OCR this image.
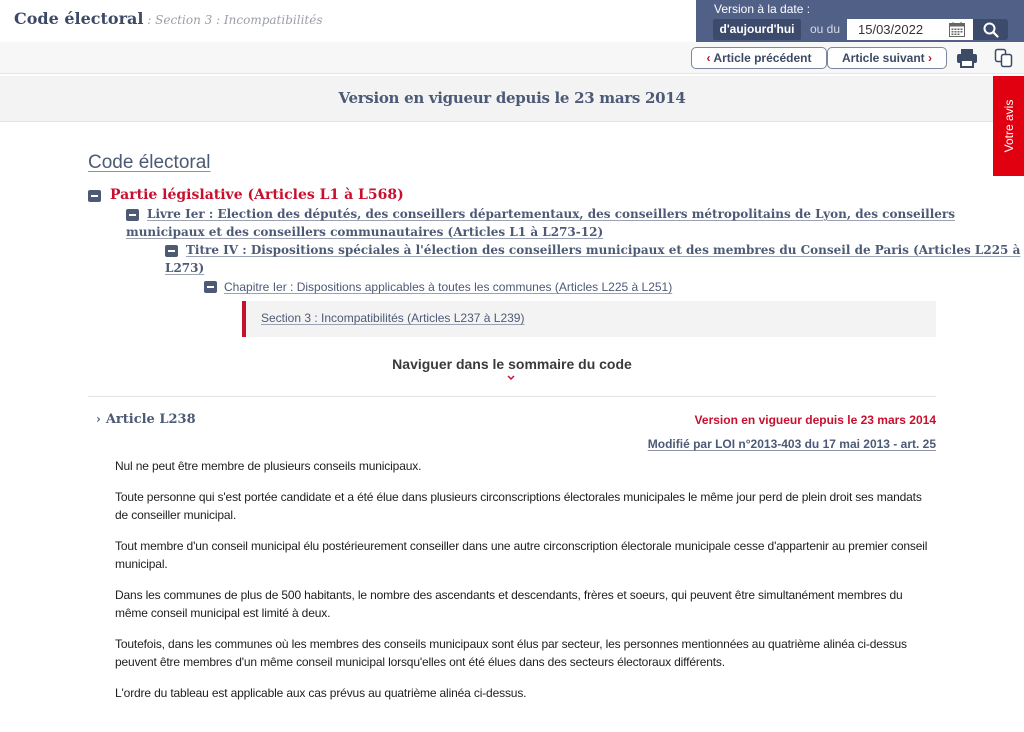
Code électoral : Section 3 : Incompatibilités
Version à la date :
d'aujourd'hui	ou du
15/03/2022
‹ Article précédent	Article suivant ›
Version en vigueur depuis le 23 mars 2014
Votre avis
Code électoral
Partie législative (Articles L1 à L568)
Livre Ier : Election des députés, des conseillers départementaux, des conseillers métropolitains de Lyon, des conseillers
municipaux et des conseillers communautaires (Articles L1 à L273-12)
Titre IV : Dispositions spéciales à l'élection des conseillers municipaux et des membres du Conseil de Paris (Articles L225 à
L273)
Chapitre Ier : Dispositions applicables à toutes les communes (Articles L225 à L251)
Section 3 : Incompatibilités (Articles L237 à L239)
Naviguer dans le sommaire du code
› Article L238	Version en vigueur depuis le 23 mars 2014
Modifié par LOI n°2013-403 du 17 mai 2013 - art. 25

Nul ne peut être membre de plusieurs conseils municipaux.

Toute personne qui s'est portée candidate et a été élue dans plusieurs circonscriptions électorales municipales le même jour perd de plein droit ses mandats de conseiller municipal.

Tout membre d'un conseil municipal élu postérieurement conseiller dans une autre circonscription électorale municipale cesse d'appartenir au premier conseil municipal.

Dans les communes de plus de 500 habitants, le nombre des ascendants et descendants, frères et soeurs, qui peuvent être simultanément membres du même conseil municipal est limité à deux.

Toutefois, dans les communes où les membres des conseils municipaux sont élus par secteur, les personnes mentionnées au quatrième alinéa ci-dessus peuvent être membres d'un même conseil municipal lorsqu'elles ont été élues dans des secteurs électoraux différents.

L'ordre du tableau est applicable aux cas prévus au quatrième alinéa ci-dessus.
